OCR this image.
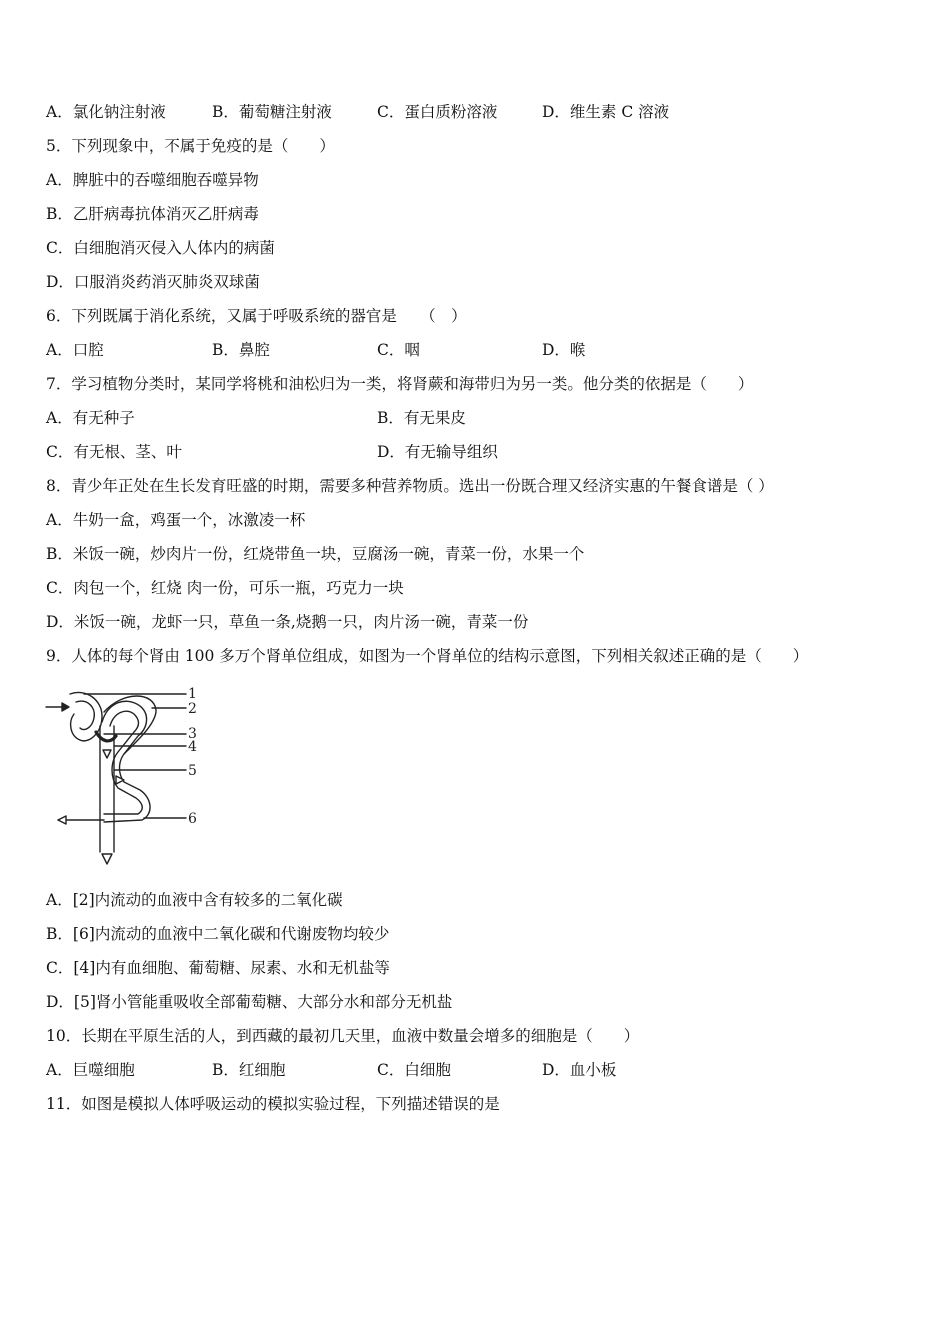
A．氯化钠注射液	B．葡萄糖注射液	C．蛋白质粉溶液	D．维生素 C 溶液
5．下列现象中，不属于免疫的是（　　）
A．脾脏中的吞噬细胞吞噬异物
B．乙肝病毒抗体消灭乙肝病毒
C．白细胞消灭侵入人体内的病菌
D．口服消炎药消灭肺炎双球菌
6．下列既属于消化系统，又属于呼吸系统的器官是　　（　）
A．口腔	B．鼻腔	C．咽	D．喉
7．学习植物分类时，某同学将桃和油松归为一类，将肾蕨和海带归为另一类。他分类的依据是（　　）
A．有无种子	B．有无果皮
C．有无根、茎、叶	D．有无输导组织
8．青少年正处在生长发育旺盛的时期，需要多种营养物质。选出一份既合理又经济实惠的午餐食谱是（ ）
A．牛奶一盒，鸡蛋一个，冰激凌一杯
B．米饭一碗，炒肉片一份，红烧带鱼一块，豆腐汤一碗，青菜一份，水果一个
C．肉包一个，红烧 肉一份，可乐一瓶，巧克力一块
D．米饭一碗，龙虾一只，草鱼一条,烧鹅一只，肉片汤一碗，青菜一份
9．人体的每个肾由 100 多万个肾单位组成，如图为一个肾单位的结构示意图，下列相关叙述正确的是（　　）
1
2
3
4
5
6
A．[2]内流动的血液中含有较多的二氧化碳
B．[6]内流动的血液中二氧化碳和代谢废物均较少
C．[4]内有血细胞、葡萄糖、尿素、水和无机盐等
D．[5]肾小管能重吸收全部葡萄糖、大部分水和部分无机盐
10．长期在平原生活的人，到西藏的最初几天里，血液中数量会增多的细胞是（　　）
A．巨噬细胞	B．红细胞	C．白细胞	D．血小板
11．如图是模拟人体呼吸运动的模拟实验过程，下列描述错误的是
